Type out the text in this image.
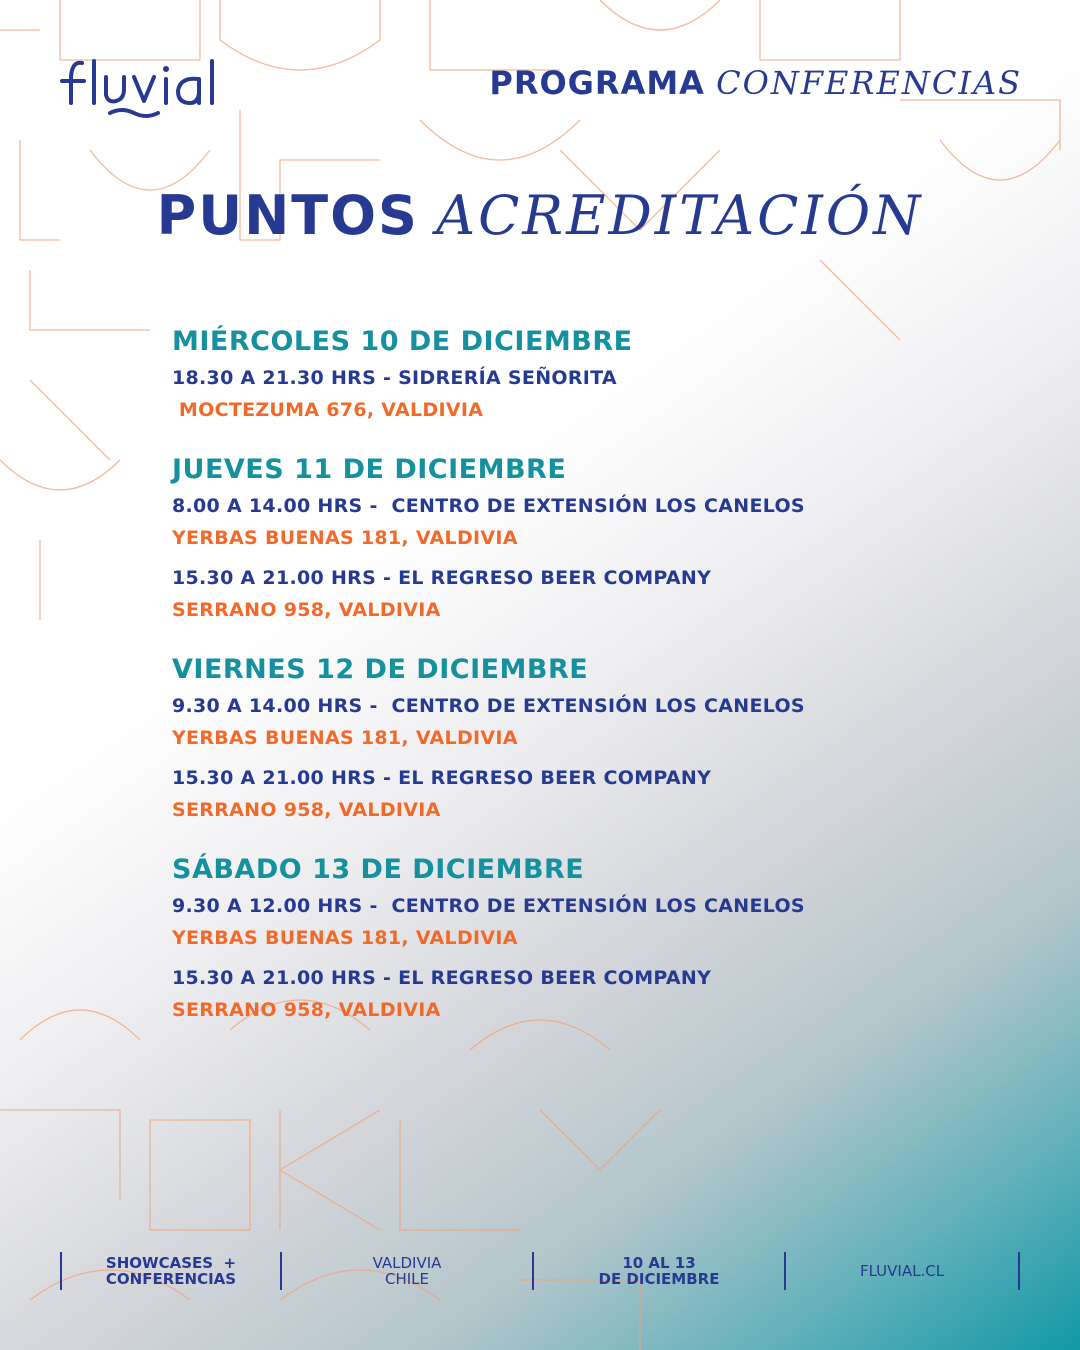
PROGRAMA CONFERENCIAS
PUNTOS ACREDITACIÓN
MIÉRCOLES 10 DE DICIEMBRE
18.30 A 21.30 HRS - SIDRERÍA SEÑORITA
MOCTEZUMA 676, VALDIVIA
JUEVES 11 DE DICIEMBRE
8.00 A 14.00 HRS -  CENTRO DE EXTENSIÓN LOS CANELOS
YERBAS BUENAS 181, VALDIVIA
15.30 A 21.00 HRS - EL REGRESO BEER COMPANY
SERRANO 958, VALDIVIA
VIERNES 12 DE DICIEMBRE
9.30 A 14.00 HRS -  CENTRO DE EXTENSIÓN LOS CANELOS
YERBAS BUENAS 181, VALDIVIA
15.30 A 21.00 HRS - EL REGRESO BEER COMPANY
SERRANO 958, VALDIVIA
SÁBADO 13 DE DICIEMBRE
9.30 A 12.00 HRS -  CENTRO DE EXTENSIÓN LOS CANELOS
YERBAS BUENAS 181, VALDIVIA
15.30 A 21.00 HRS - EL REGRESO BEER COMPANY
SERRANO 958, VALDIVIA
SHOWCASES  +
CONFERENCIAS
VALDIVIA
CHILE
10 AL 13
DE DICIEMBRE	FLUVIAL.CL
